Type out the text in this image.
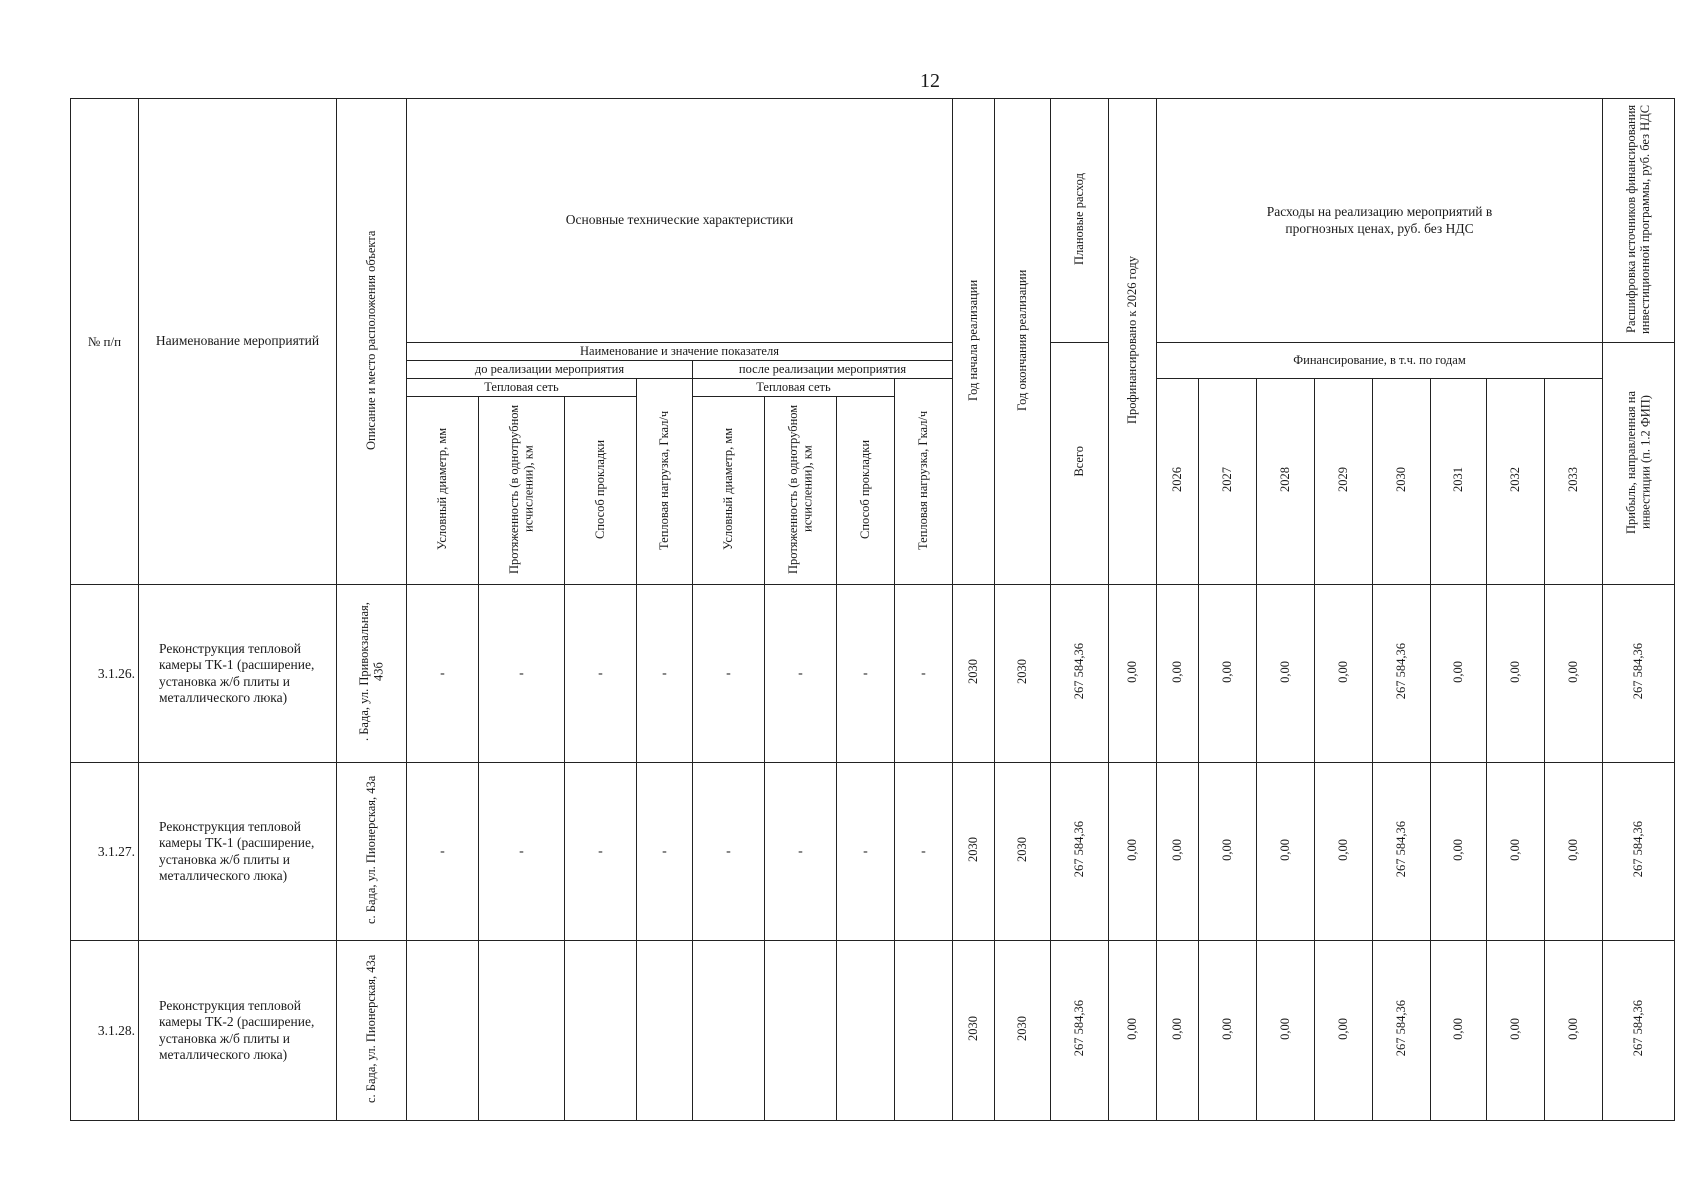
12
№ п/п	Наименование мероприятий	Описание и место расположения объекта	Основные технические характеристики								Год начала реализации	Год окончания реализации	Плановые расход	Профинансировано к 2026 году	Расходы на реализацию мероприятий в прогнозных ценах, руб. без НДС								Расшифровка источников финансирования инвестиционной программы, руб. без НДС
			Наименование и значение показателя										Всего		Финансирование, в т.ч. по годам								Прибыль, направленная на инвестиции (п. 1.2 ФИП)
			до реализации мероприятия				после реализации мероприятия																
			Тепловая сеть			Тепловая нагрузка, Гкал/ч	Тепловая сеть			Тепловая нагрузка, Гкал/ч					2026	2027	2028	2029	2030	2031	2032	2033	
			Условный диаметр, мм	Протяженность (в однотрубном исчислении), км	Способ прокладки		Условный диаметр, мм	Протяженность (в однотрубном исчислении), км	Способ прокладки														
3.1.26.	Реконструкция тепловой камеры ТК-1 (расширение, установка ж/б плиты и металлического люка)	. Бада, ул. Привокзальная, 43б	-	-	-	-	-	-	-	-	2030	2030	267 584,36	0,00	0,00	0,00	0,00	0,00	267 584,36	0,00	0,00	0,00	267 584,36
3.1.27.	Реконструкция тепловой камеры ТК-1 (расширение, установка ж/б плиты и металлического люка)	с. Бада, ул. Пионерская, 43а	-	-	-	-	-	-	-	-	2030	2030	267 584,36	0,00	0,00	0,00	0,00	0,00	267 584,36	0,00	0,00	0,00	267 584,36
3.1.28.	Реконструкция тепловой камеры ТК-2 (расширение, установка ж/б плиты и металлического люка)	с. Бада, ул. Пионерская, 43а									2030	2030	267 584,36	0,00	0,00	0,00	0,00	0,00	267 584,36	0,00	0,00	0,00	267 584,36
